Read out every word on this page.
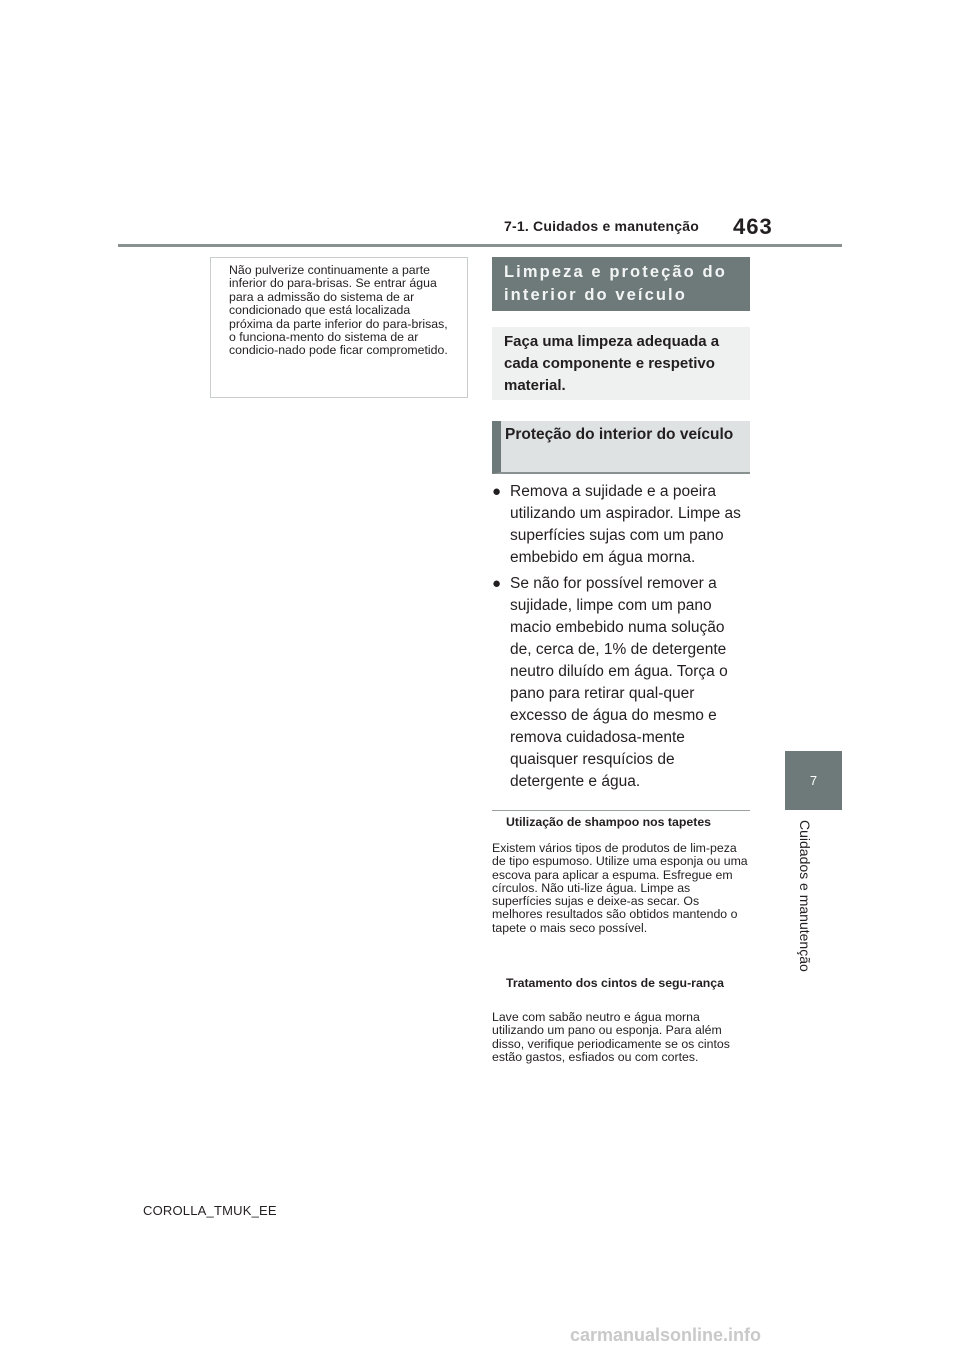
7-1. Cuidados e manutenção 463
7
Cuidados e manutenção
Não pulverize continuamente a parte inferior do para-brisas. Se entrar água para a admissão do sistema de ar condicionado que está localizada próxima da parte inferior do para-brisas, o funciona-mento do sistema de ar condicio-nado pode ficar comprometido.
Limpeza e proteção do interior do veículo
Faça uma limpeza adequada a cada componente e respetivo material.
Proteção do interior do veículo
● Remova a sujidade e a poeira utilizando um aspirador. Limpe as superfícies sujas com um pano embebido em água morna.
● Se não for possível remover a sujidade, limpe com um pano macio embebido numa solução de, cerca de, 1% de detergente neutro diluído em água. Torça o pano para retirar qual-quer excesso de água do mesmo e remova cuidadosa-mente quaisquer resquícios de detergente e água.
Utilização de shampoo nos tapetes
Existem vários tipos de produtos de lim-peza de tipo espumoso. Utilize uma esponja ou uma escova para aplicar a espuma. Esfregue em círculos. Não uti-lize água. Limpe as superfícies sujas e deixe-as secar. Os melhores resultados são obtidos mantendo o tapete o mais seco possível.
Tratamento dos cintos de segu-rança
Lave com sabão neutro e água morna utilizando um pano ou esponja. Para além disso, verifique periodicamente se os cintos estão gastos, esfiados ou com cortes.
COROLLA_TMUK_EE
carmanualsonline.info
